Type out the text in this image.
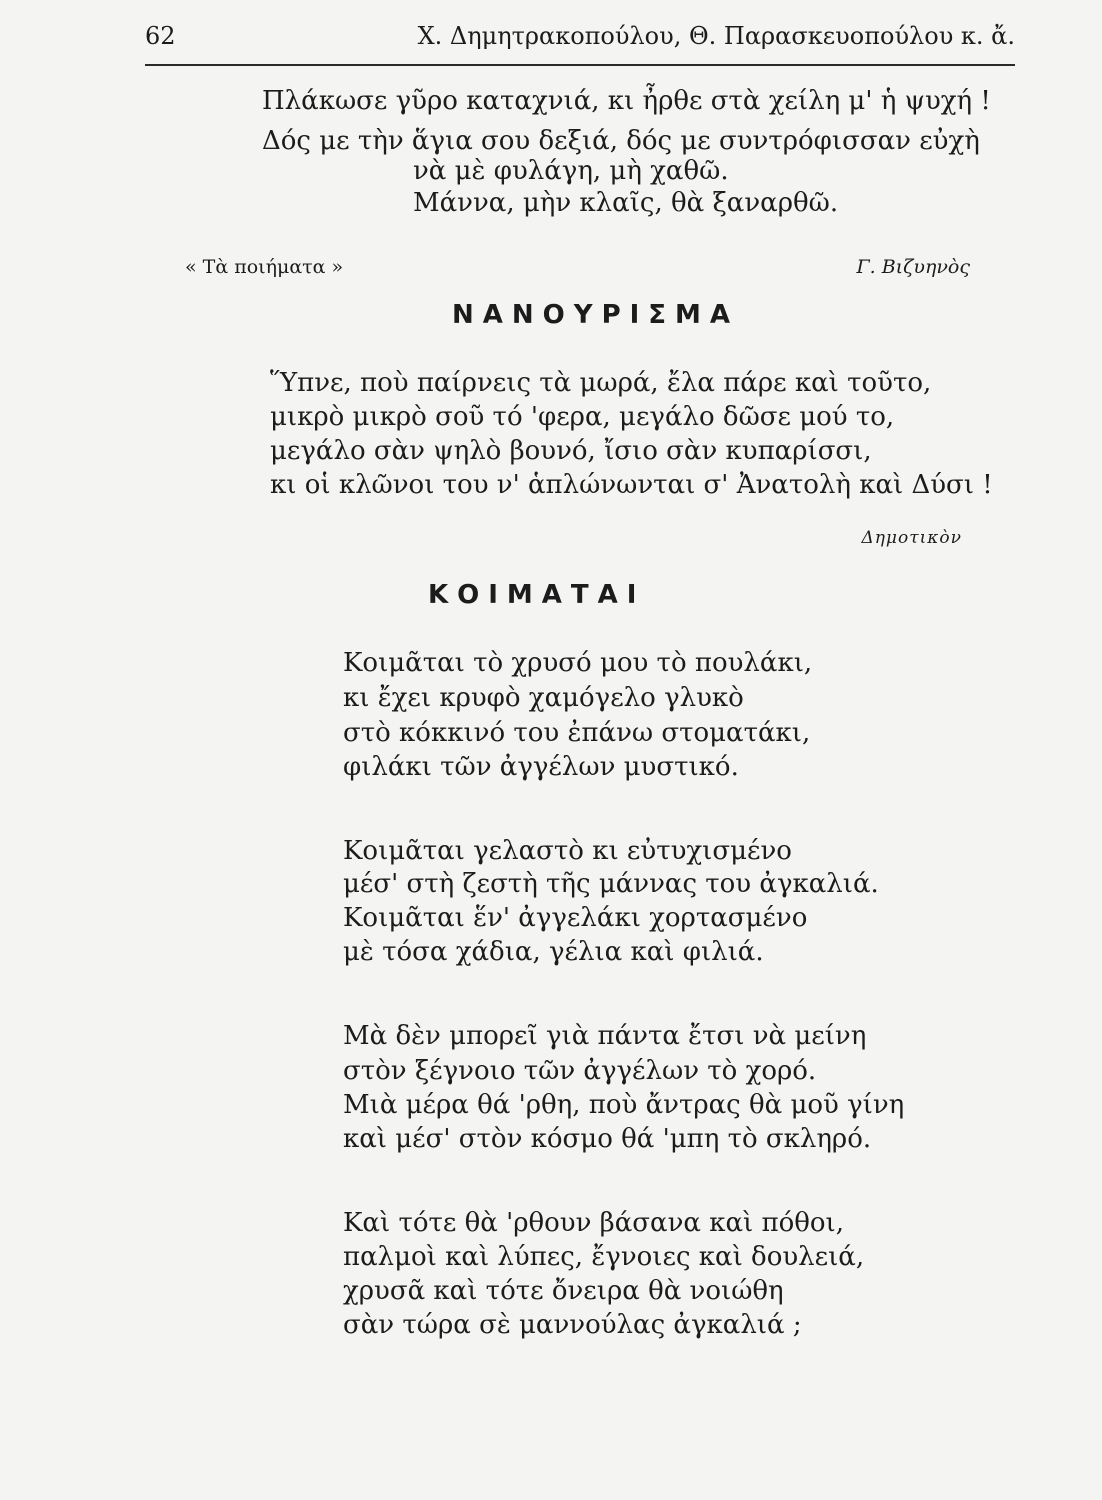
62	Χ. Δημητρακοπούλου, Θ. Παρασκευοπούλου κ. ἄ.
Πλάκωσε γῦρο καταχνιά, κι ἦρθε στὰ χείλη μ' ἡ ψυχή !
Δός με τὴν ἅγια σου δεξιά, δός με συντρόφισσαν εὐχὴ
νὰ μὲ φυλάγη, μὴ χαθῶ.
Μάννα, μὴν κλαῖς, θὰ ξαναρθῶ.
« Τὰ ποιήματα »	Γ. Βιζυηνὸς
ΝΑΝΟΥΡΙΣΜΑ
Ὕπνε, ποὺ παίρνεις τὰ μωρά, ἔλα πάρε καὶ τοῦτο,
μικρὸ μικρὸ σοῦ τό 'φερα, μεγάλο δῶσε μού το,
μεγάλο σὰν ψηλὸ βουνό, ἴσιο σὰν κυπαρίσσι,
κι οἱ κλῶνοι του ν' ἁπλώνωνται σ' Ἀνατολὴ καὶ Δύσι !
Δημοτικὸν
ΚΟΙΜΑΤΑΙ
Κοιμᾶται τὸ χρυσό μου τὸ πουλάκι,
κι ἔχει κρυφὸ χαμόγελο γλυκὸ
στὸ κόκκινό του ἐπάνω στοματάκι,
φιλάκι τῶν ἀγγέλων μυστικό.
Κοιμᾶται γελαστὸ κι εὐτυχισμένο
μέσ' στὴ ζεστὴ τῆς μάννας του ἀγκαλιά.
Κοιμᾶται ἕν' ἀγγελάκι χορτασμένο
μὲ τόσα χάδια, γέλια καὶ φιλιά.
Μὰ δὲν μπορεῖ γιὰ πάντα ἔτσι νὰ μείνη
στὸν ξέγνοιο τῶν ἀγγέλων τὸ χορό.
Μιὰ μέρα θά 'ρθη, ποὺ ἄντρας θὰ μοῦ γίνη
καὶ μέσ' στὸν κόσμο θά 'μπη τὸ σκληρό.
Καὶ τότε θὰ 'ρθουν βάσανα καὶ πόθοι,
παλμοὶ καὶ λύπες, ἔγνοιες καὶ δουλειά,
χρυσᾶ καὶ τότε ὄνειρα θὰ νοιώθη
σὰν τώρα σὲ μαννούλας ἀγκαλιά ;
